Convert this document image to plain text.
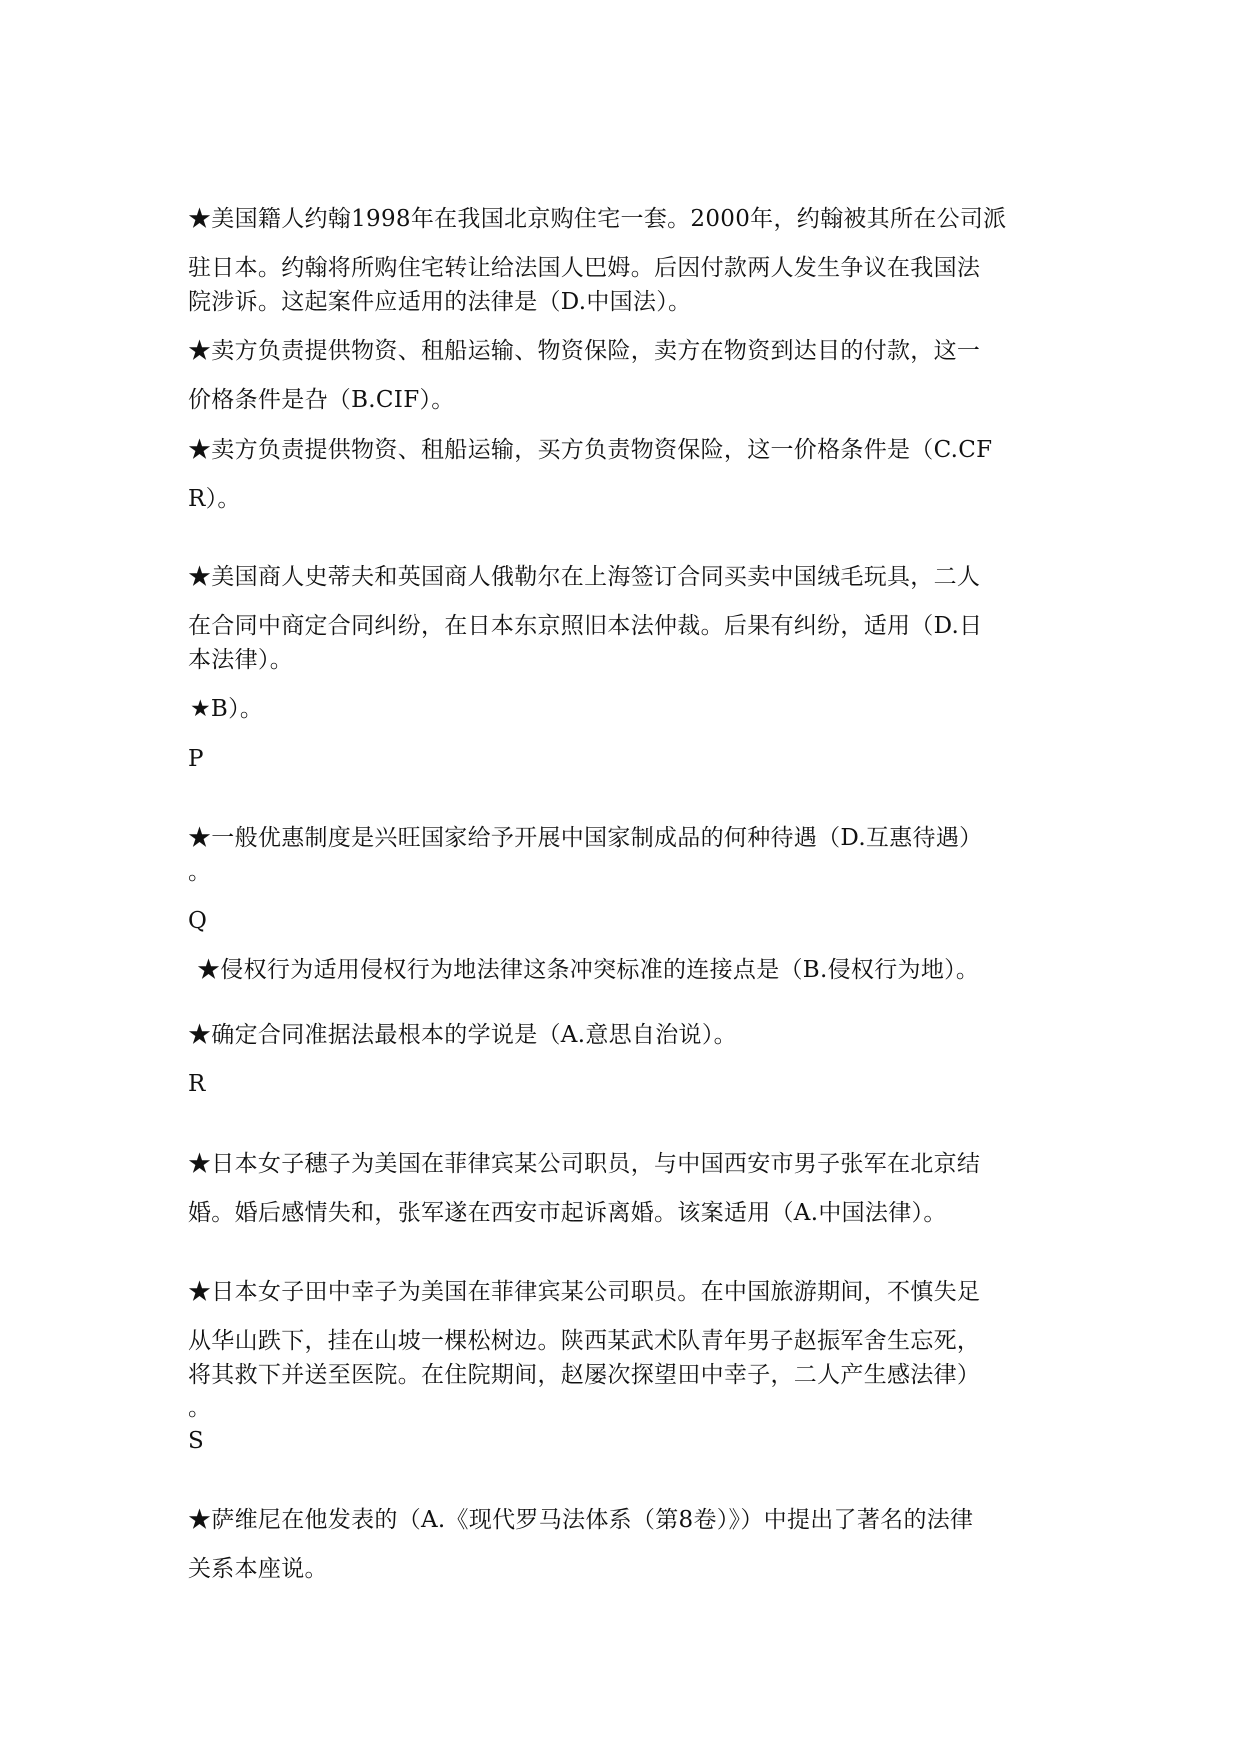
★美国籍人约翰1998年在我国北京购住宅一套。2000年，约翰被其所在公司派
驻日本。约翰将所购住宅转让给法国人巴姆。后因付款两人发生争议在我国法
院涉诉。这起案件应适用的法律是（D.中国法）。
★卖方负责提供物资、租船运输、物资保险，卖方在物资到达目的付款，这一
价格条件是叴（B.CIF）。
★卖方负责提供物资、租船运输，买方负责物资保险，这一价格条件是（C.CF
R）。
★美国商人史蒂夫和英国商人俄勒尔在上海签订合同买卖中国绒毛玩具，二人
在合同中商定合同纠纷，在日本东京照旧本法仲裁。后果有纠纷，适用（D.日
本法律）。
★B）。
P
★一般优惠制度是兴旺国家给予开展中国家制成品的何种待遇（D.互惠待遇）
。
Q
★侵权行为适用侵权行为地法律这条冲突标准的连接点是（B.侵权行为地）。
★确定合同准据法最根本的学说是（A.意思自治说）。
R
★日本女子穗子为美国在菲律宾某公司职员，与中国西安市男子张军在北京结
婚。婚后感情失和，张军遂在西安市起诉离婚。该案适用（A.中国法律）。
★日本女子田中幸子为美国在菲律宾某公司职员。在中国旅游期间，不慎失足
从华山跌下，挂在山坡一棵松树边。陕西某武术队青年男子赵振军舍生忘死，
将其救下并送至医院。在住院期间，赵屡次探望田中幸子，二人产生感法律）
。
S
★萨维尼在他发表的（A.《现代罗马法体系（第8卷）》）中提出了著名的法律
关系本座说。
